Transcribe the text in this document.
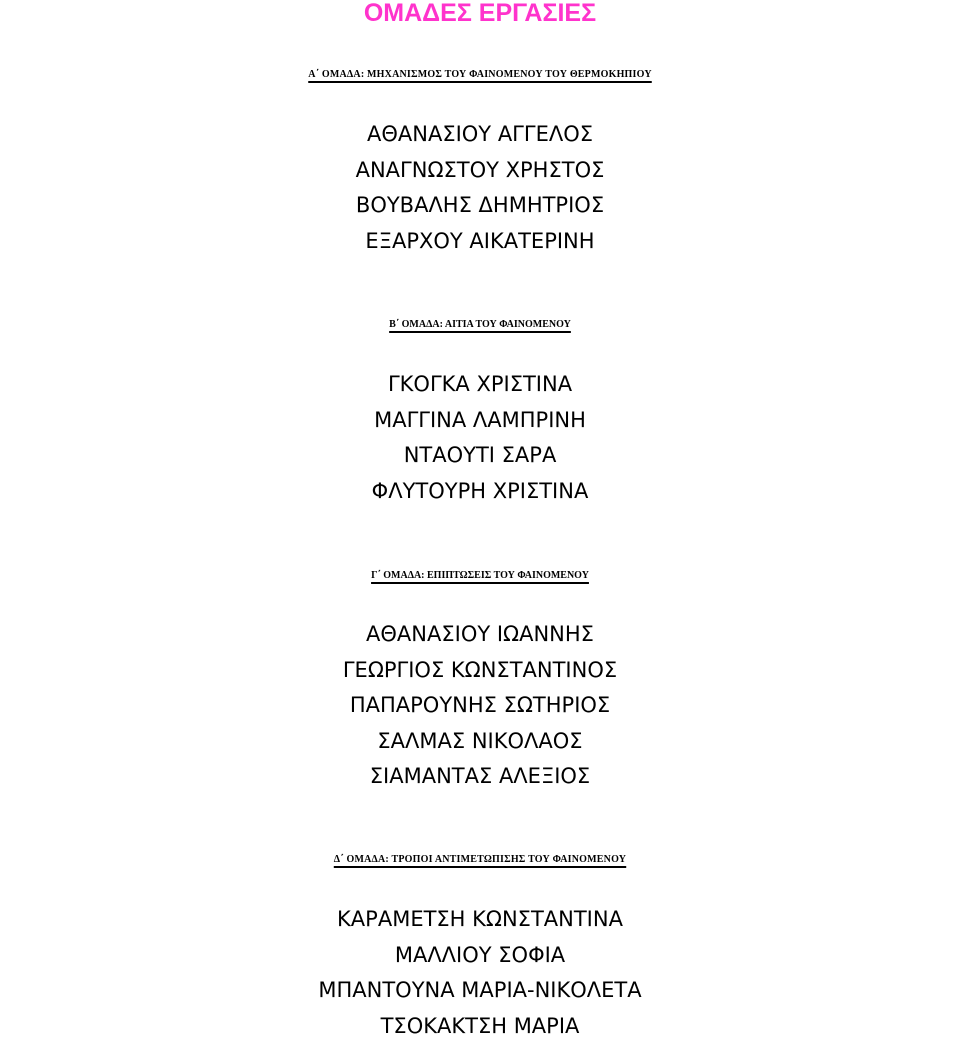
ΟΜΑΔΕΣ ΕΡΓΑΣΙΕΣ
Α΄ ΟΜΑΔΑ: ΜΗΧΑΝΙΣΜΟΣ ΤΟΥ ΦΑΙΝΟΜΕΝΟΥ ΤΟΥ ΘΕΡΜΟΚΗΠΙΟΥ
ΑΘΑΝΑΣΙΟΥ ΑΓΓΕΛΟΣ
ΑΝΑΓΝΩΣΤΟΥ ΧΡΗΣΤΟΣ
ΒΟΥΒΑΛΗΣ ΔΗΜΗΤΡΙΟΣ
ΕΞΑΡΧΟΥ ΑΙΚΑΤΕΡΙΝΗ
Β΄ ΟΜΑΔΑ: ΑΙΤΙΑ ΤΟΥ ΦΑΙΝΟΜΕΝΟΥ
ΓΚΟΓΚΑ ΧΡΙΣΤΙΝΑ
ΜΑΓΓΙΝΑ ΛΑΜΠΡΙΝΗ
ΝΤΑΟΥΤΙ ΣΑΡΑ
ΦΛΥΤΟΥΡΗ ΧΡΙΣΤΙΝΑ
Γ΄ ΟΜΑΔΑ: ΕΠΙΠΤΩΣΕΙΣ ΤΟΥ ΦΑΙΝΟΜΕΝΟΥ
ΑΘΑΝΑΣΙΟΥ ΙΩΑΝΝΗΣ
ΓΕΩΡΓΙΟΣ ΚΩΝΣΤΑΝΤΙΝΟΣ
ΠΑΠΑΡΟΥΝΗΣ ΣΩΤΗΡΙΟΣ
ΣΑΛΜΑΣ ΝΙΚΟΛΑΟΣ
ΣΙΑΜΑΝΤΑΣ ΑΛΕΞΙΟΣ
Δ΄ ΟΜΑΔΑ: ΤΡΟΠΟΙ ΑΝΤΙΜΕΤΩΠΙΣΗΣ ΤΟΥ ΦΑΙΝΟΜΕΝΟΥ
ΚΑΡΑΜΕΤΣΗ ΚΩΝΣΤΑΝΤΙΝΑ
ΜΑΛΛΙΟΥ ΣΟΦΙΑ
ΜΠΑΝΤΟΥΝΑ ΜΑΡΙΑ-ΝΙΚΟΛΕΤΑ
ΤΣΟΚΑΚΤΣΗ ΜΑΡΙΑ
